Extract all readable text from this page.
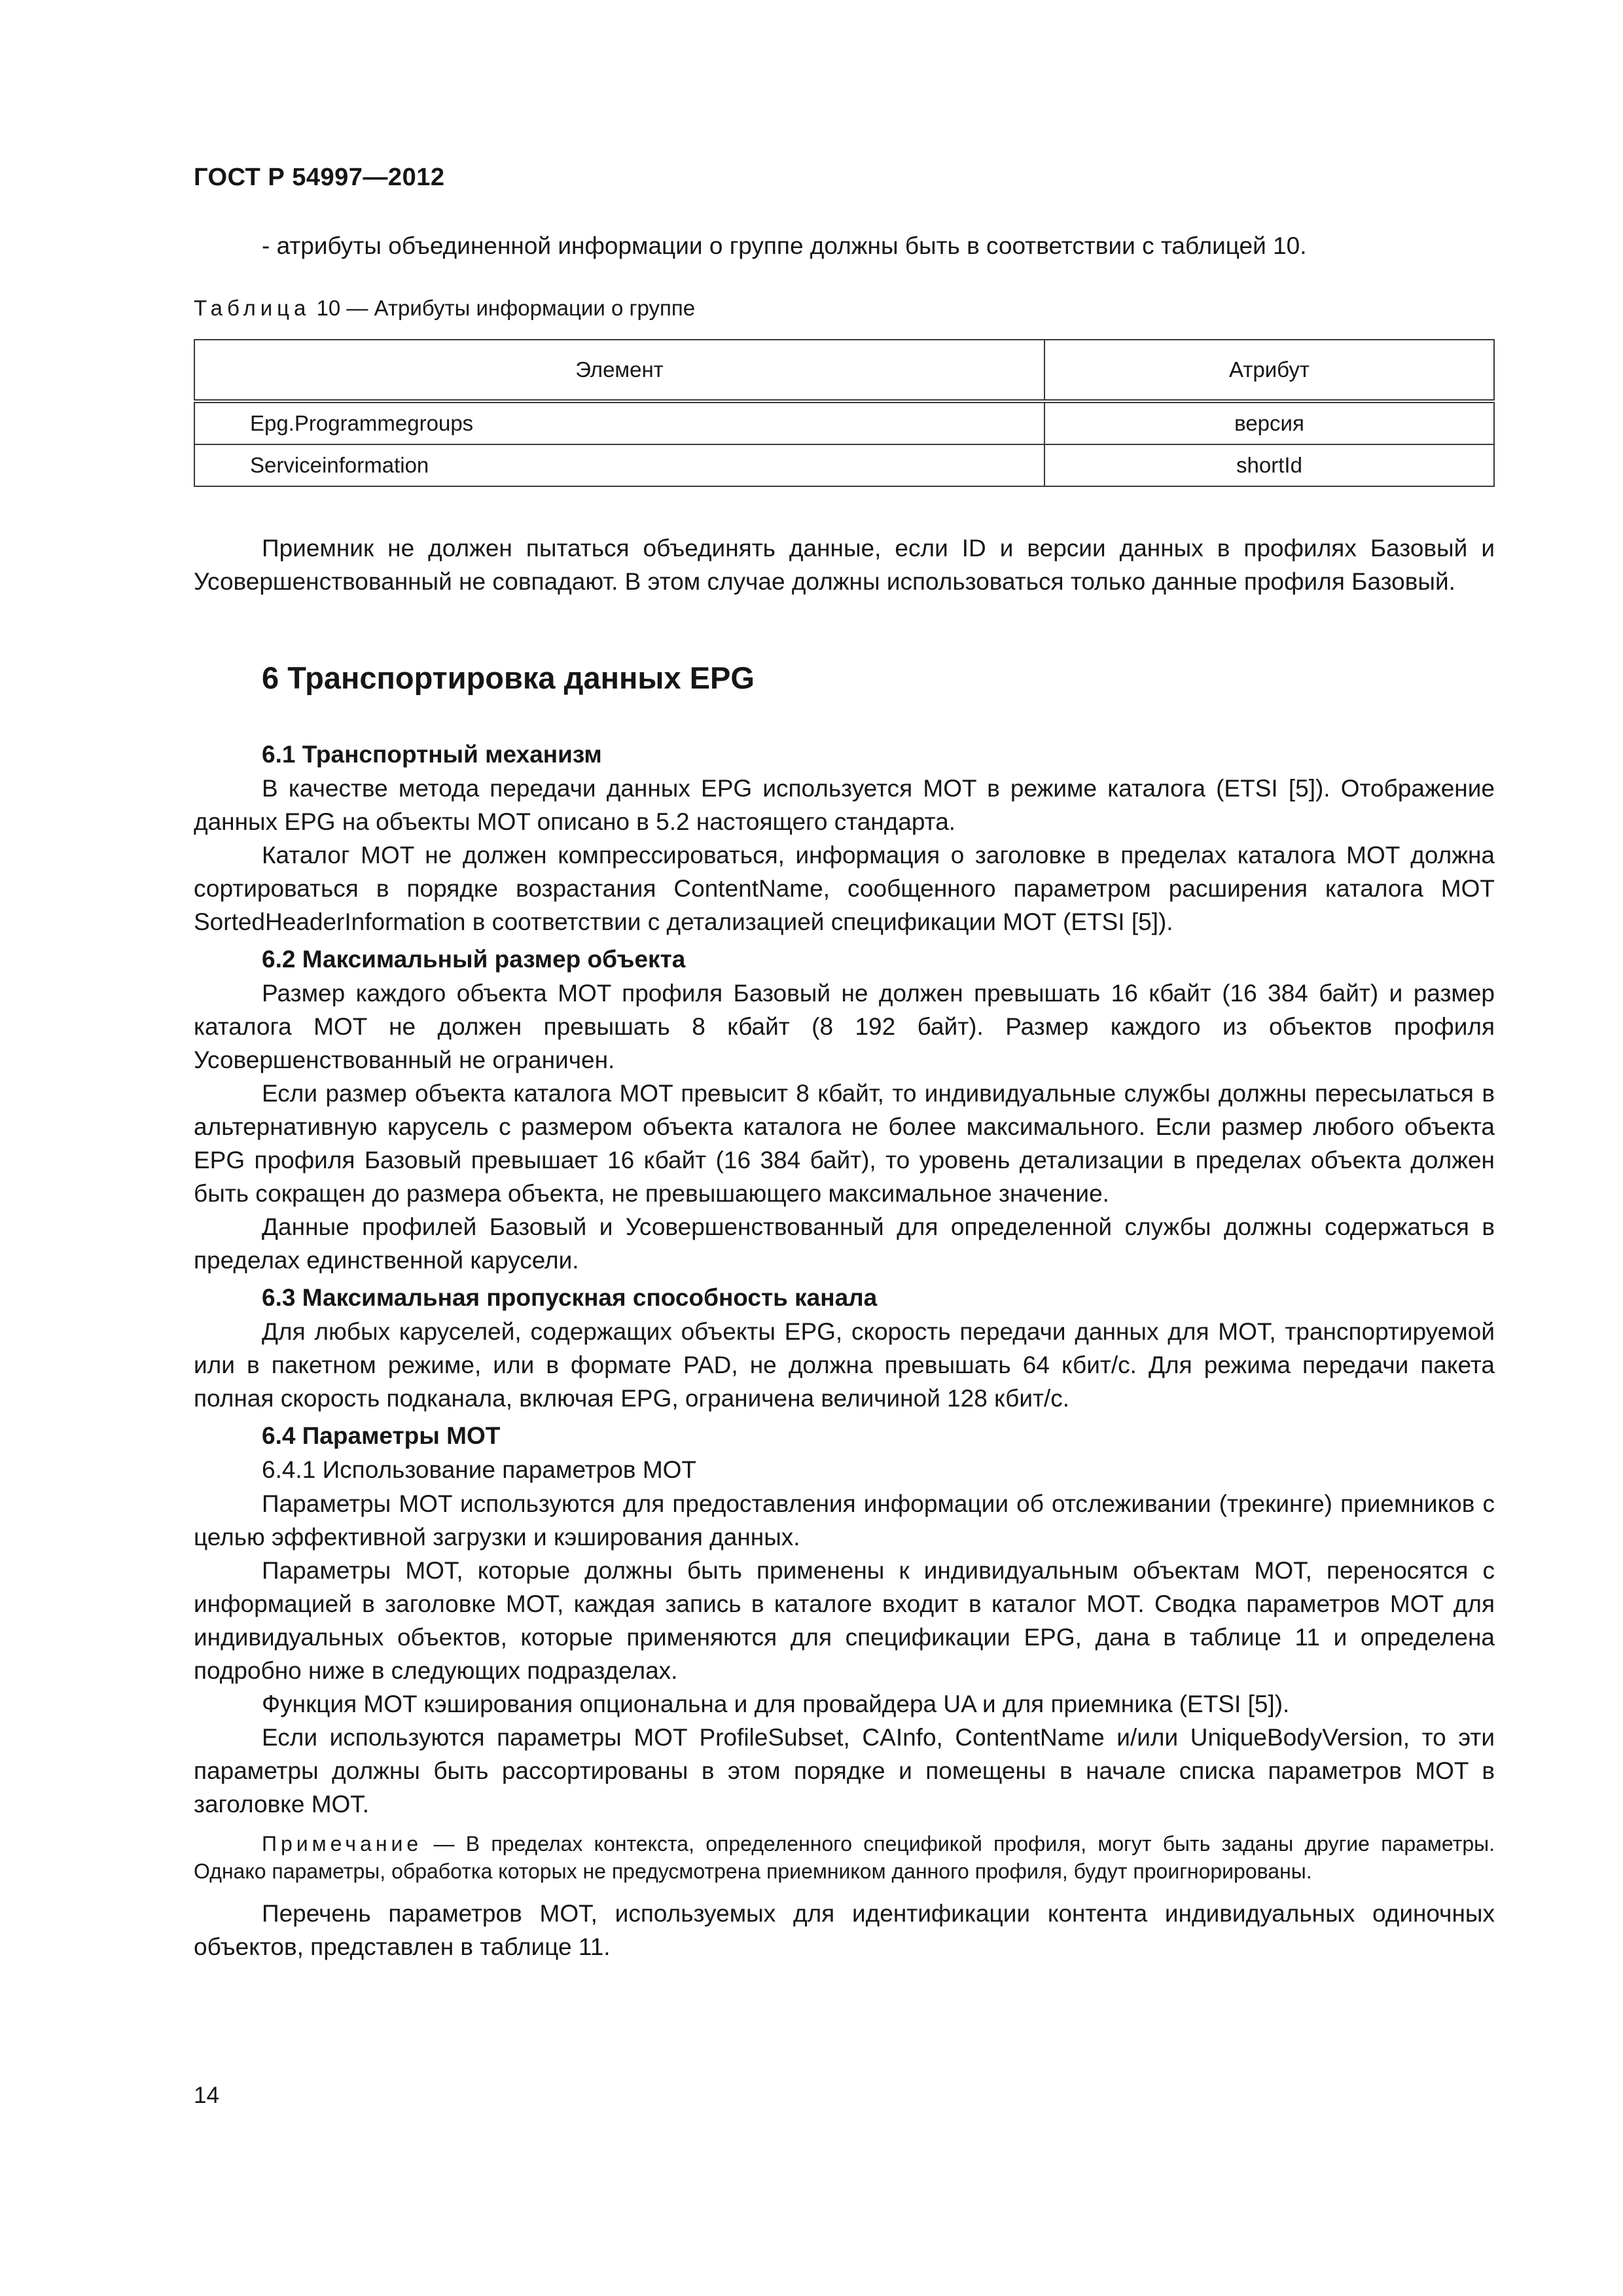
ГОСТ Р 54997—2012

- атрибуты объединенной информации о группе должны быть в соответствии с таблицей 10.

Таблица 10 — Атрибуты информации о группе
Элемент	Атрибут
Epg.Programmegroups	версия
Serviceinformation	shortId

Приемник не должен пытаться объединять данные, если ID и версии данных в профилях Базовый и Усовершенствованный не совпадают. В этом случае должны использоваться только данные профиля Базовый.

6 Транспортировка данных EPG

6.1 Транспортный механизм

В качестве метода передачи данных EPG используется MOT в режиме каталога (ETSI [5]). Отображение данных EPG на объекты MOT описано в 5.2 настоящего стандарта.

Каталог MOT не должен компрессироваться, информация о заголовке в пределах каталога MOT должна сортироваться в порядке возрастания ContentName, сообщенного параметром расширения каталога MOT SortedHeaderInformation в соответствии с детализацией спецификации MOT (ETSI [5]).

6.2 Максимальный размер объекта

Размер каждого объекта MOT профиля Базовый не должен превышать 16 кбайт (16 384 байт) и размер каталога MOT не должен превышать 8 кбайт (8 192 байт). Размер каждого из объектов профиля Усовершенствованный не ограничен.

Если размер объекта каталога MOT превысит 8 кбайт, то индивидуальные службы должны пересылаться в альтернативную карусель с размером объекта каталога не более максимального. Если размер любого объекта EPG профиля Базовый превышает 16 кбайт (16 384 байт), то уровень детализации в пределах объекта должен быть сокращен до размера объекта, не превышающего максимальное значение.

Данные профилей Базовый и Усовершенствованный для определенной службы должны содержаться в пределах единственной карусели.

6.3 Максимальная пропускная способность канала

Для любых каруселей, содержащих объекты EPG, скорость передачи данных для MOT, транспортируемой или в пакетном режиме, или в формате PAD, не должна превышать 64 кбит/с. Для режима передачи пакета полная скорость подканала, включая EPG, ограничена величиной 128 кбит/с.

6.4 Параметры MOT

6.4.1 Использование параметров MOT

Параметры MOT используются для предоставления информации об отслеживании (трекинге) приемников с целью эффективной загрузки и кэширования данных.

Параметры MOT, которые должны быть применены к индивидуальным объектам MOT, переносятся с информацией в заголовке MOT, каждая запись в каталоге входит в каталог MOT. Сводка параметров MOT для индивидуальных объектов, которые применяются для спецификации EPG, дана в таблице 11 и определена подробно ниже в следующих подразделах.

Функция MOT кэширования опциональна и для провайдера UA и для приемника (ETSI [5]).

Если используются параметры MOT ProfileSubset, CAInfo, ContentName и/или UniqueBodyVersion, то эти параметры должны быть рассортированы в этом порядке и помещены в начале списка параметров MOT в заголовке MOT.

Примечание — В пределах контекста, определенного спецификой профиля, могут быть заданы другие параметры. Однако параметры, обработка которых не предусмотрена приемником данного профиля, будут проигнорированы.

Перечень параметров MOT, используемых для идентификации контента индивидуальных одиночных объектов, представлен в таблице 11.

14
